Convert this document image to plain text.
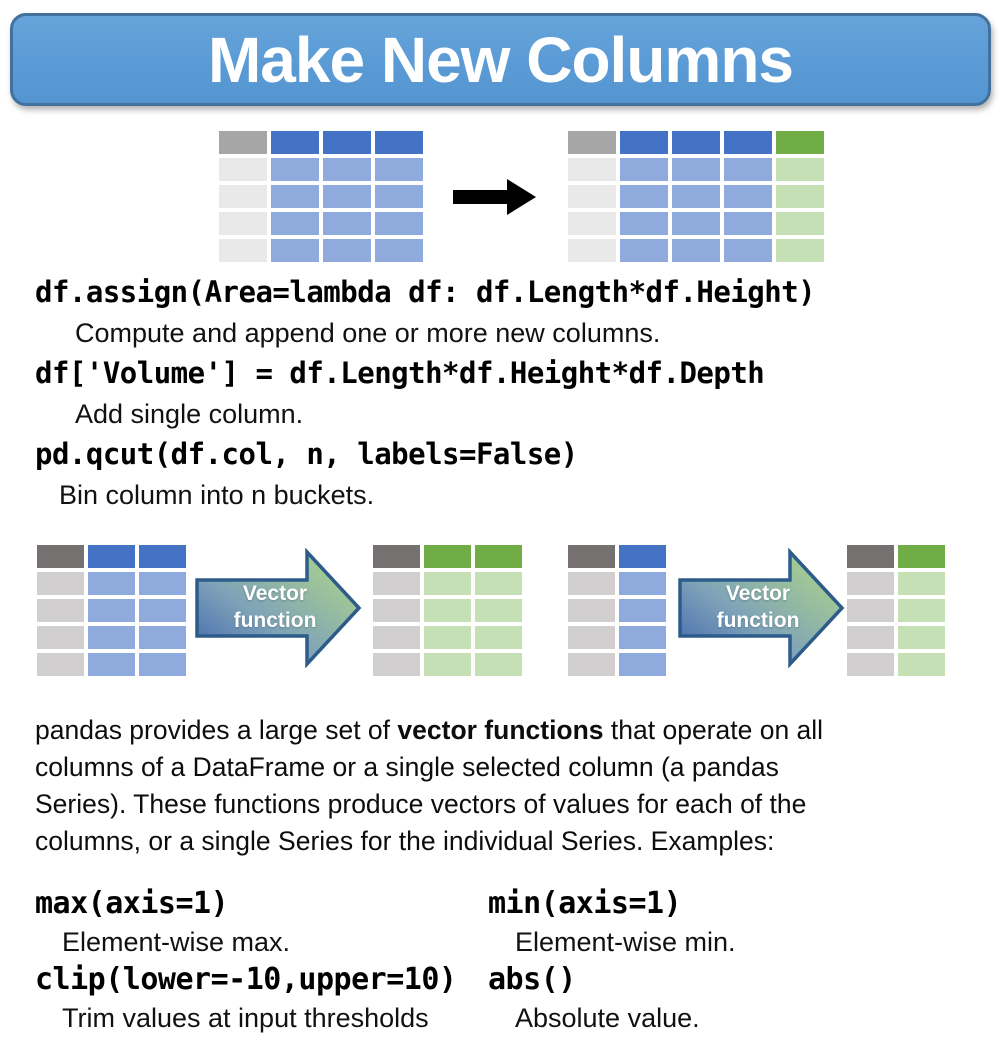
Make New Columns
df.assign(Area=lambda df: df.Length*df.Height)
Compute and append one or more new columns.
df['Volume'] = df.Length*df.Height*df.Depth
Add single column.
pd.qcut(df.col, n, labels=False)
Bin column into n buckets.
Vector
function
Vector
function
pandas provides a large set of vector functions that operate on all
columns of a DataFrame or a single selected column (a pandas
Series). These functions produce vectors of values for each of the
columns, or a single Series for the individual Series. Examples:
max(axis=1)
Element-wise max.
clip(lower=-10,upper=10)
Trim values at input thresholds
min(axis=1)
Element-wise min.
abs()
Absolute value.
